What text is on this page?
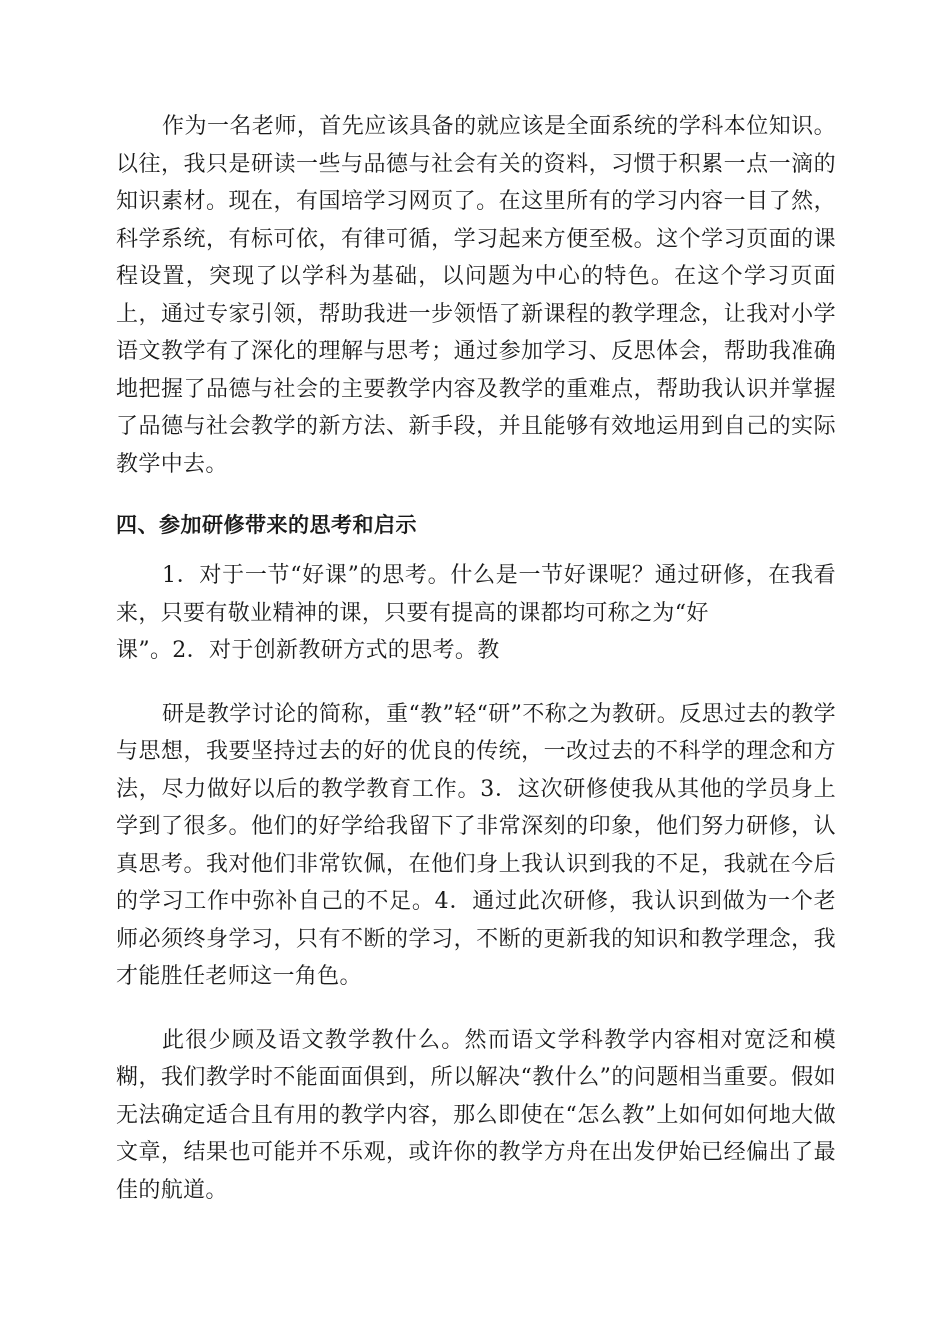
作为一名老师，首先应该具备的就应该是全面系统的学科本位知识。以往，我只是研读一些与品德与社会有关的资料，习惯于积累一点一滴的知识素材。现在，有国培学习网页了。在这里所有的学习内容一目了然，科学系统，有标可依，有律可循，学习起来方便至极。这个学习页面的课程设置，突现了以学科为基础，以问题为中心的特色。在这个学习页面上，通过专家引领，帮助我进一步领悟了新课程的教学理念，让我对小学语文教学有了深化的理解与思考；通过参加学习、反思体会，帮助我准确地把握了品德与社会的主要教学内容及教学的重难点，帮助我认识并掌握了品德与社会教学的新方法、新手段，并且能够有效地运用到自己的实际教学中去。

四、参加研修带来的思考和启示

1．对于一节“好课”的思考。什么是一节好课呢？通过研修，在我看来，只要有敬业精神的课，只要有提高的课都均可称之为“好

课”。2．对于创新教研方式的思考。教

研是教学讨论的简称，重“教”轻“研”不称之为教研。反思过去的教学与思想，我要坚持过去的好的优良的传统，一改过去的不科学的理念和方法，尽力做好以后的教学教育工作。3．这次研修使我从其他的学员身上学到了很多。他们的好学给我留下了非常深刻的印象，他们努力研修，认真思考。我对他们非常钦佩，在他们身上我认识到我的不足，我就在今后的学习工作中弥补自己的不足。4．通过此次研修，我认识到做为一个老师必须终身学习，只有不断的学习，不断的更新我的知识和教学理念，我才能胜任老师这一角色。

此很少顾及语文教学教什么。然而语文学科教学内容相对宽泛和模糊，我们教学时不能面面俱到，所以解决“教什么”的问题相当重要。假如无法确定适合且有用的教学内容，那么即使在“怎么教”上如何如何地大做文章，结果也可能并不乐观，或许你的教学方舟在出发伊始已经偏出了最佳的航道。
